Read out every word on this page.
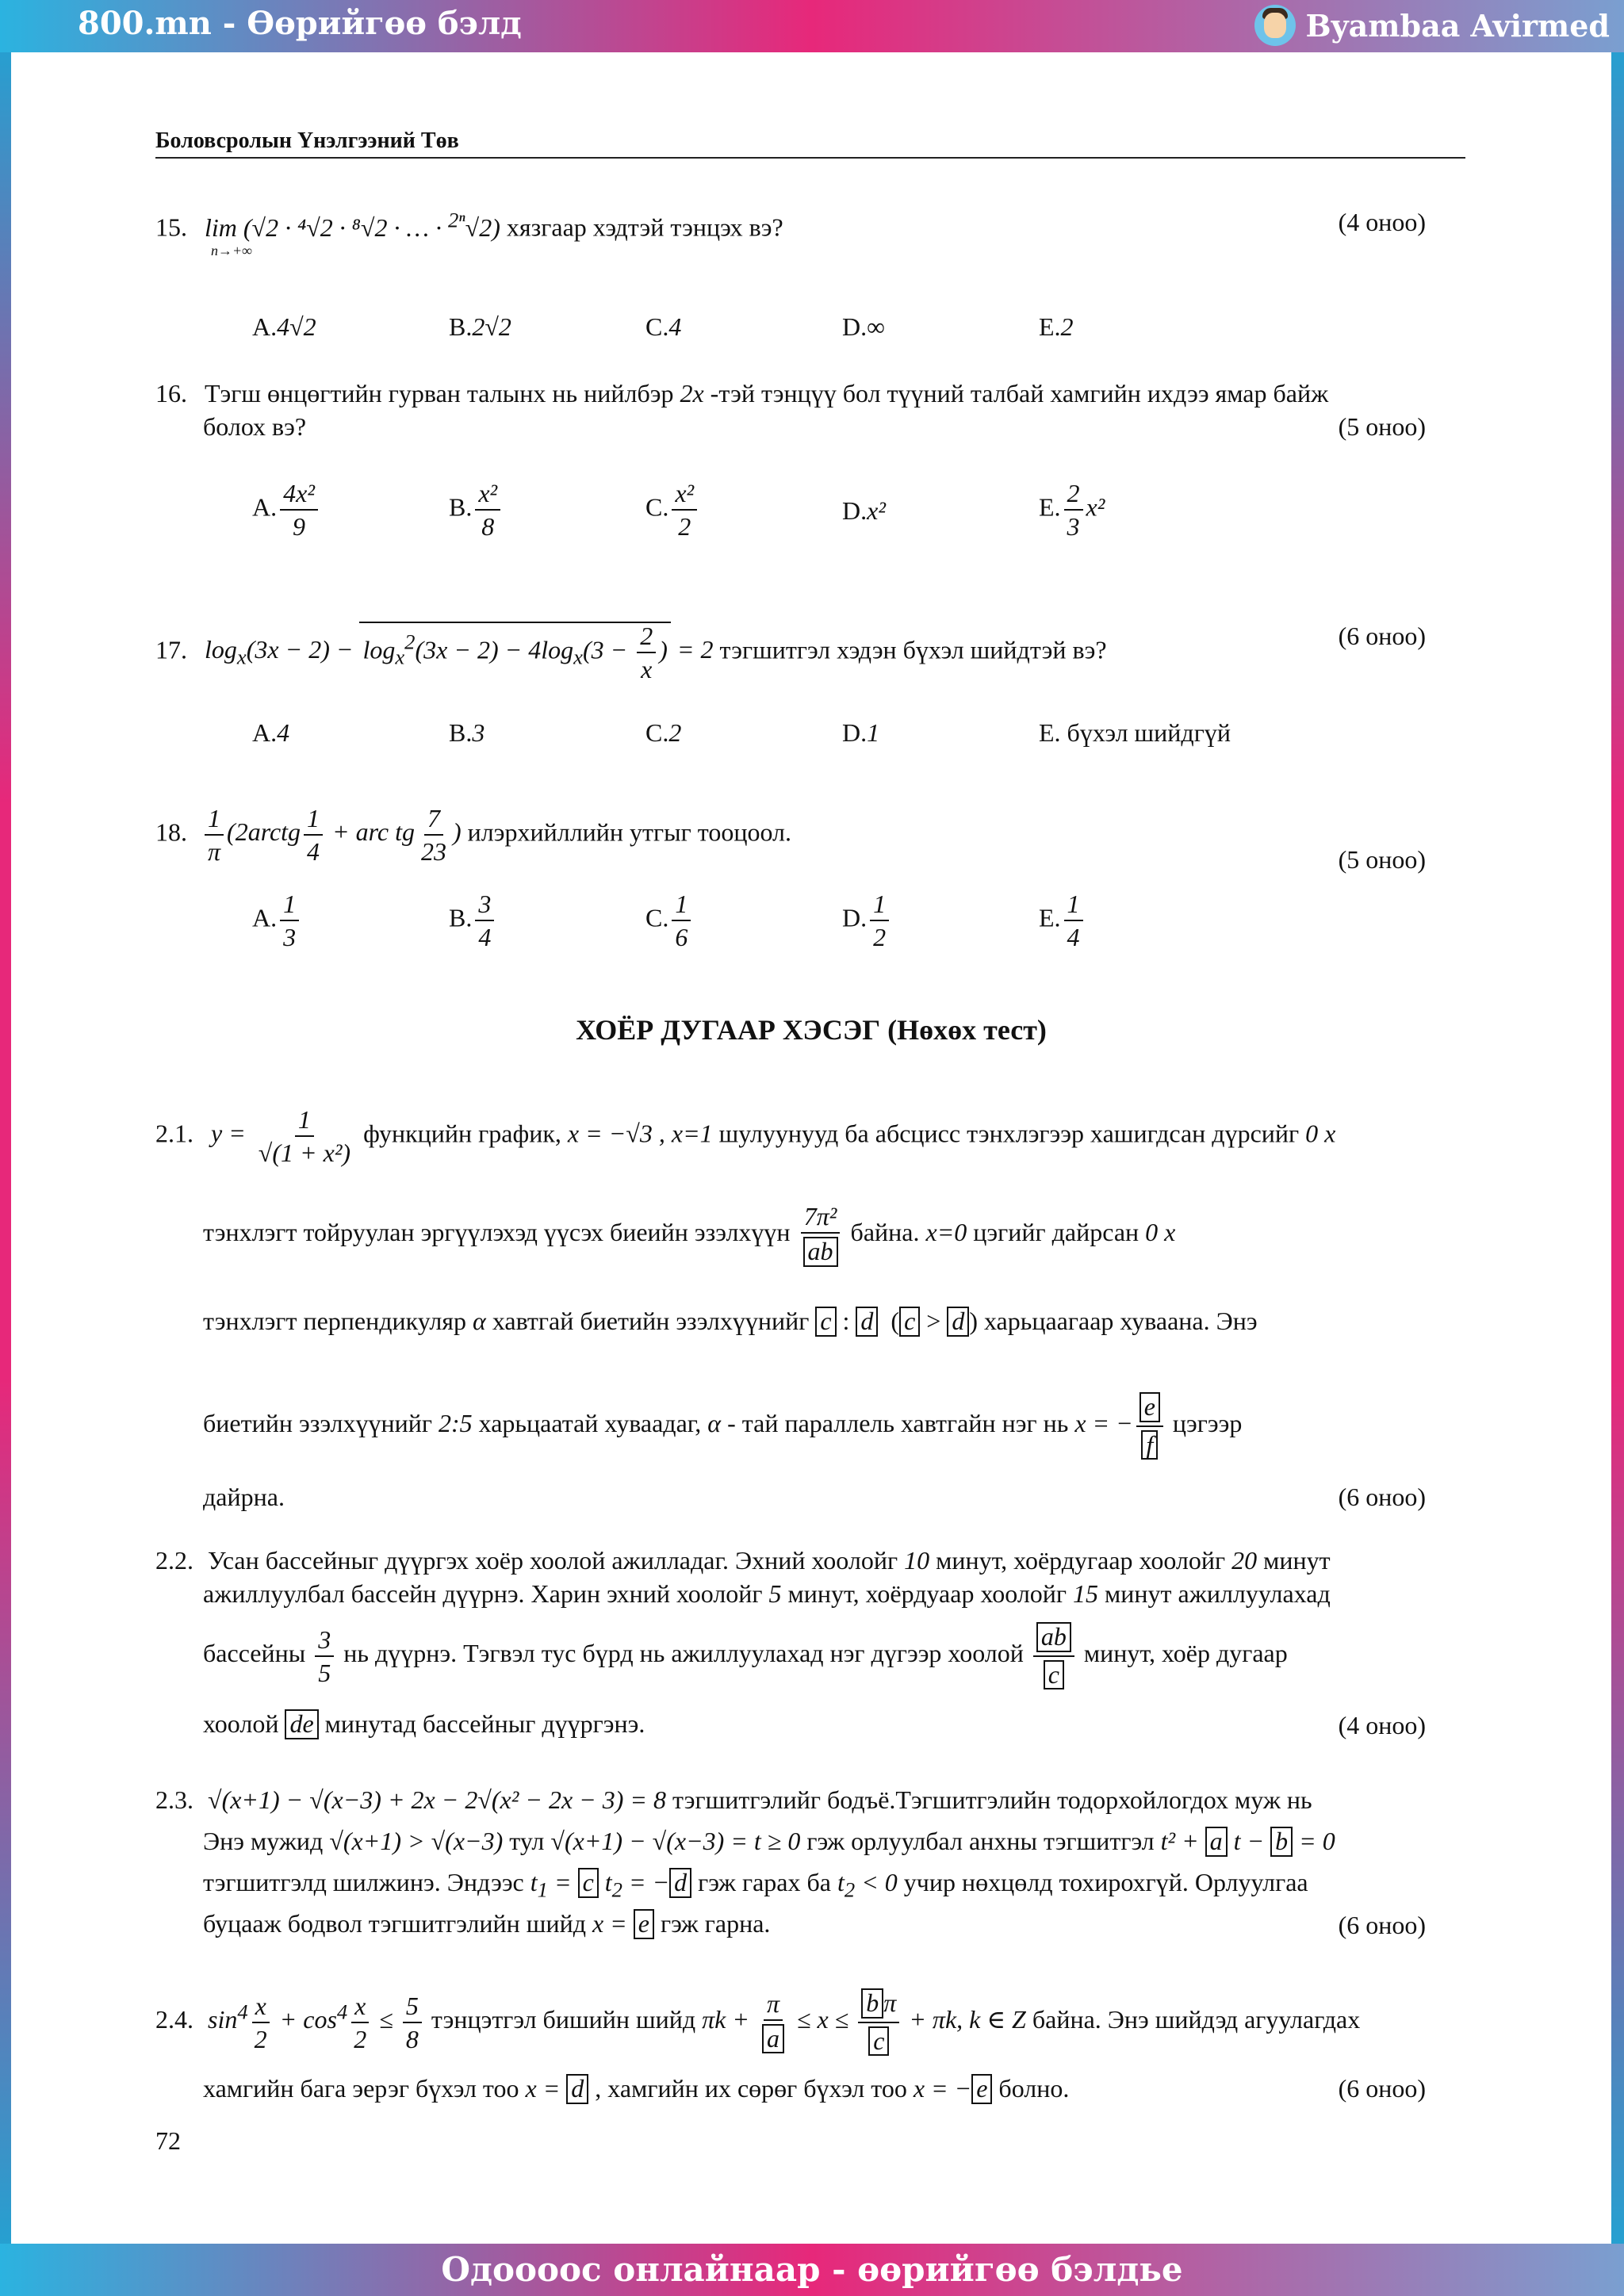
800.mn - Өөрийгөө бэлд	Byambaa Avirmed
Боловсролын Үнэлгээний Төв
15. lim (√2 · ⁴√2 · ⁸√2 · … · $^{2^n}$√2) хязгаар хэдтэй тэнцэх вэ?
n→+∞
(4 оноо)
A.4√2	B.2√2	C.4	D.∞	E.2
16. Тэгш өнцөгтийн гурван талынх нь нийлбэр 2x -тэй тэнцүү бол түүний талбай хамгийн ихдээ ямар байж
болох вэ?	(5 оноо)
A. $\frac{\text{4x²}}{9}$	B. $\frac{\text{x²}}{8}$	C. $\frac{\text{x²}}{2}$	D.x²	E. $\frac{2}{3} x^2$
17. $\log_x(3x - 2) - \log_x^2(3x - 2) - 4\log_x(3 - \frac{2}{x}$ ) = 2 тэгшитгэл хэдэн бүхэл шийдтэй вэ?	(6 оноо)
A.4	B.3	C.2	D.1	E. бүхэл шийдгүй
18. $\frac{1}{\pi}$ (2arctg $\frac{1}{4}$ + arc tg $\frac{7}{23}$ ) илэрхийллийн утгыг тооцоол.
(5 оноо)
A. $\frac{1}{3}$	B. $\frac{3}{4}$	C. $\frac{1}{6}$	D. $\frac{1}{2}$	E. $\frac{1}{4}$
ХОЁР ДУГААР ХЭСЭГ (Нөхөх тест)
2.1. $y = \frac{1}{\text{√(1 + x²)}}$ функцийн график, x = −√3 , x=1 шулуунууд ба абсцисс тэнхлэгээр хашигдсан дүрсийг 0 x
тэнхлэгт тойруулан эргүүлэхэд үүсэх биеийн эзэлхүүн $\frac{\text{7π²}}{ab}$ байна. x=0 цэгийг дайрсан 0 x
тэнхлэгт перпендикуляр α хавтгай биетийн эзэлхүүнийг c : d  ( c > d ) харьцаагаар хуваана. Энэ
биетийн эзэлхүүнийг 2:5 харьцаатай хуваадаг, α - тай параллель хавтгайн нэг нь x = − $\frac{e}{f}$ цэгээр
дайрна.	(6 оноо)
2.2. Усан бассейныг дүүргэх хоёр хоолой ажилладаг. Эхний хоолойг 10 минут, хоёрдугаар хоолойг 20 минут
ажиллуулбал бассейн дүүрнэ. Харин эхний хоолойг 5 минут, хоёрдуаар хоолойг 15 минут ажиллуулахад
бассейны $\frac{3}{5}$ нь дүүрнэ. Тэгвэл тус бүрд нь ажиллуулахад нэг дүгээр хоолой $\frac{ab}{c}$ минут, хоёр дугаар
хоолой de минутад бассейныг дүүргэнэ.	(4 оноо)
2.3. √(x+1) − √(x−3) + 2x − 2√(x² − 2x − 3) = 8 тэгшитгэлийг бодъё.Тэгшитгэлийн тодорхойлогдох муж нь
Энэ мужид √(x+1) > √(x−3) тул √(x+1) − √(x−3) = t ≥ 0 гэж орлуулбал анхны тэгшитгэл t² + a t − b = 0
тэгшитгэлд шилжинэ. Эндээс $t_1 = c$ $t_2$ = − d гэж гарах ба $t_2 < 0$ учир нөхцөлд тохирохгүй. Орлуулгаа
буцааж бодвол тэгшитгэлийн шийд x = e гэж гарна.	(6 оноо)
2.4. $\sin^4 \frac{x}{2} + \cos^4 \frac{x}{2} \le \frac{5}{8}$ тэнцэтгэл бишийн шийд $\pi k + \frac{\pi}{a} \le x \le \frac{\text{b π}}{c} + \pi k$, k ∈ Z байна. Энэ шийдэд агуулагдах
хамгийн бага эерэг бүхэл тоо x = d , хамгийн их сөрөг бүхэл тоо x = − e болно.	(6 оноо)
72
Одоооос онлайнаар - өөрийгөө бэлдье
